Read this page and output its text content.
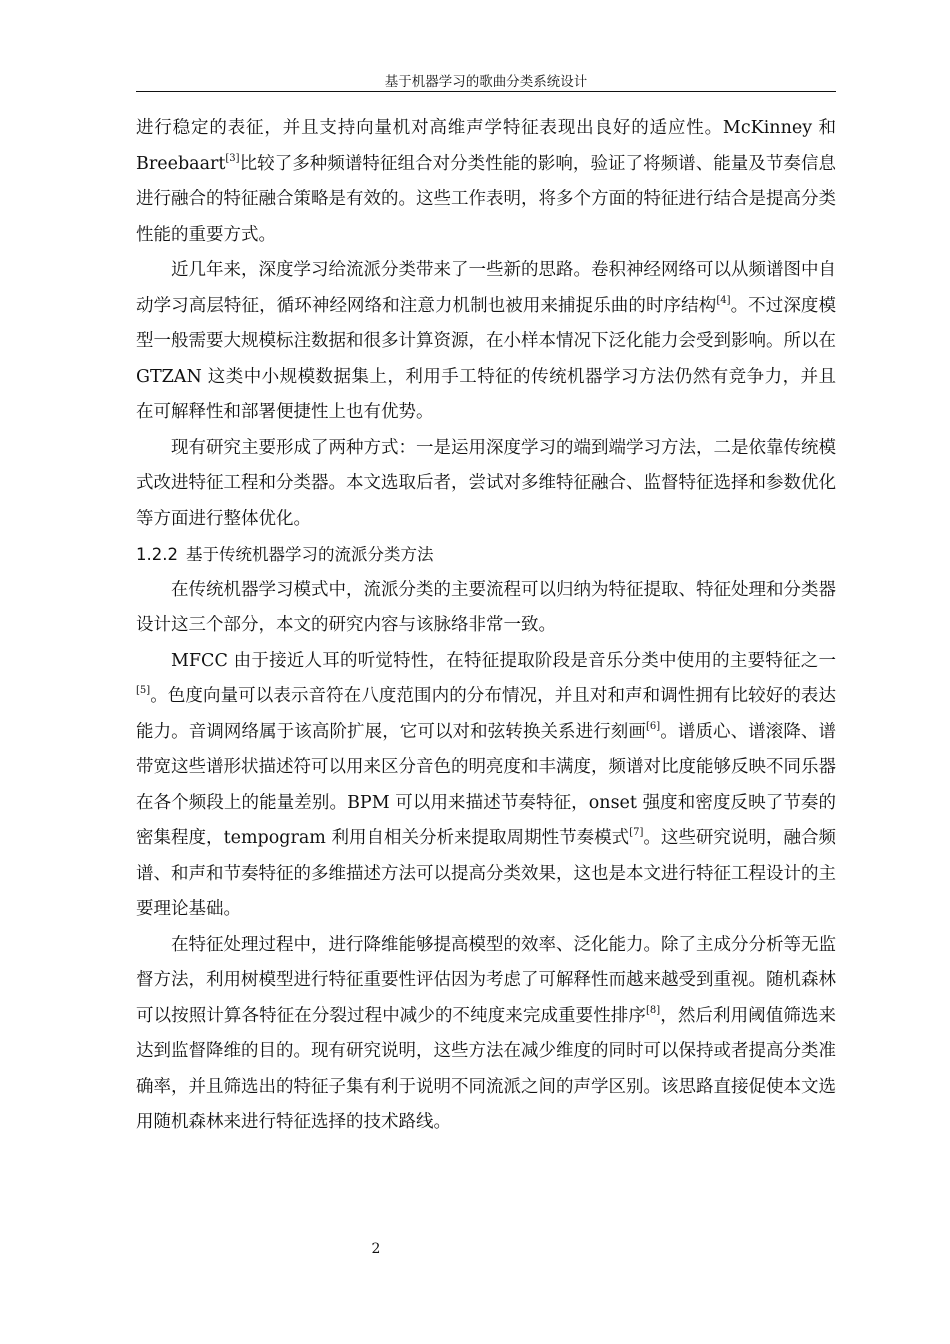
基于机器学习的歌曲分类系统设计

进行稳定的表征，并且支持向量机对高维声学特征表现出良好的适应性。McKinney 和 Breebaart[3]比较了多种频谱特征组合对分类性能的影响，验证了将频谱、能量及节奏信息进行融合的特征融合策略是有效的。这些工作表明，将多个方面的特征进行结合是提高分类性能的重要方式。

近几年来，深度学习给流派分类带来了一些新的思路。卷积神经网络可以从频谱图中自动学习高层特征，循环神经网络和注意力机制也被用来捕捉乐曲的时序结构[4]。不过深度模型一般需要大规模标注数据和很多计算资源，在小样本情况下泛化能力会受到影响。所以在 GTZAN 这类中小规模数据集上，利用手工特征的传统机器学习方法仍然有竞争力，并且在可解释性和部署便捷性上也有优势。

现有研究主要形成了两种方式：一是运用深度学习的端到端学习方法，二是依靠传统模式改进特征工程和分类器。本文选取后者，尝试对多维特征融合、监督特征选择和参数优化等方面进行整体优化。

1.2.2 基于传统机器学习的流派分类方法

在传统机器学习模式中，流派分类的主要流程可以归纳为特征提取、特征处理和分类器设计这三个部分，本文的研究内容与该脉络非常一致。

MFCC 由于接近人耳的听觉特性，在特征提取阶段是音乐分类中使用的主要特征之一[5]。色度向量可以表示音符在八度范围内的分布情况，并且对和声和调性拥有比较好的表达能力。音调网络属于该高阶扩展，它可以对和弦转换关系进行刻画[6]。谱质心、谱滚降、谱带宽这些谱形状描述符可以用来区分音色的明亮度和丰满度，频谱对比度能够反映不同乐器在各个频段上的能量差别。BPM 可以用来描述节奏特征，onset 强度和密度反映了节奏的密集程度，tempogram 利用自相关分析来提取周期性节奏模式[7]。这些研究说明，融合频谱、和声和节奏特征的多维描述方法可以提高分类效果，这也是本文进行特征工程设计的主要理论基础。

在特征处理过程中，进行降维能够提高模型的效率、泛化能力。除了主成分分析等无监督方法，利用树模型进行特征重要性评估因为考虑了可解释性而越来越受到重视。随机森林可以按照计算各特征在分裂过程中减少的不纯度来完成重要性排序[8]，然后利用阈值筛选来达到监督降维的目的。现有研究说明，这些方法在减少维度的同时可以保持或者提高分类准确率，并且筛选出的特征子集有利于说明不同流派之间的声学区别。该思路直接促使本文选用随机森林来进行特征选择的技术路线。

2
